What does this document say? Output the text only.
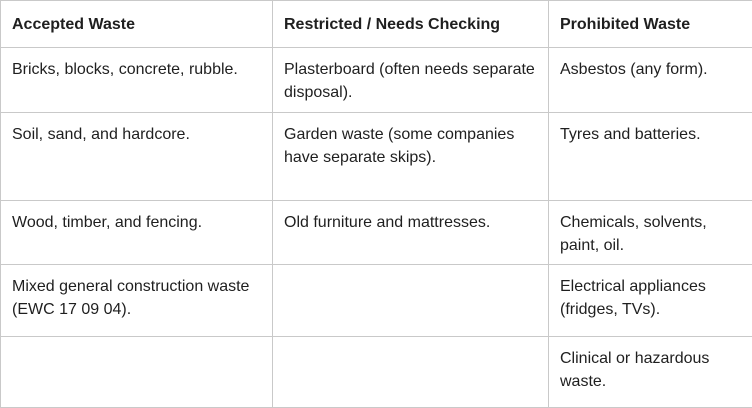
Accepted Waste	Restricted / Needs Checking	Prohibited Waste
Bricks, blocks, concrete, rubble.	Plasterboard (often needs separate disposal).	Asbestos (any form).
Soil, sand, and hardcore.	Garden waste (some companies have separate skips).	Tyres and batteries.
Wood, timber, and fencing.	Old furniture and mattresses.	Chemicals, solvents, paint, oil.
Mixed general construction waste (EWC 17 09 04).		Electrical appliances (fridges, TVs).
		Clinical or hazardous waste.
